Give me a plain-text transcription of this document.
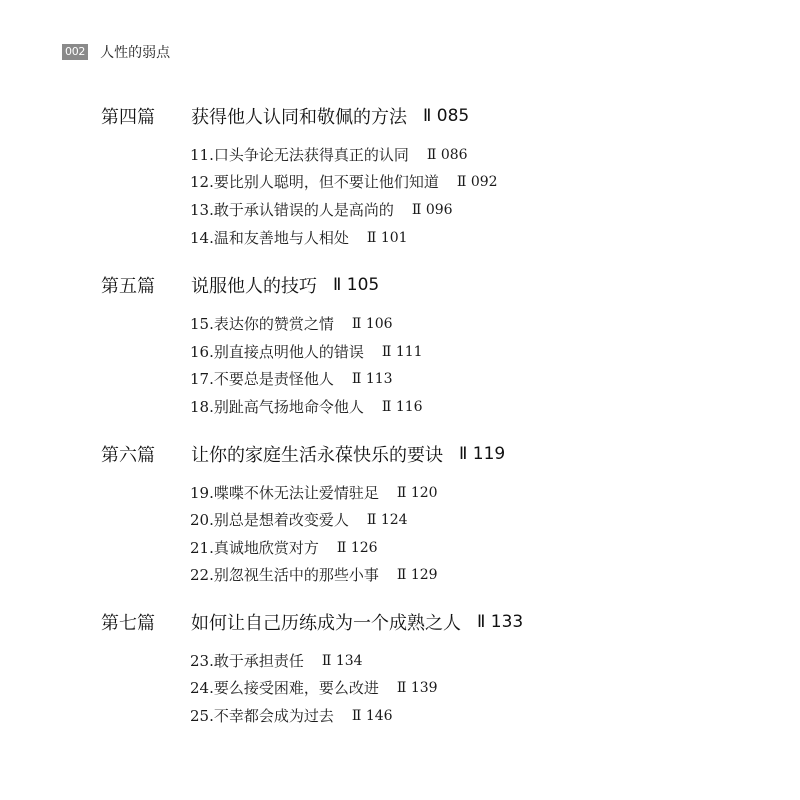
002 人性的弱点
第四篇	获得他人认同和敬佩的方法 Ⅱ 085
11.口头争论无法获得真正的认同 Ⅱ 086
12.要比别人聪明，但不要让他们知道 Ⅱ 092
13.敢于承认错误的人是高尚的 Ⅱ 096
14.温和友善地与人相处 Ⅱ 101
第五篇	说服他人的技巧 Ⅱ 105
15.表达你的赞赏之情 Ⅱ 106
16.别直接点明他人的错误 Ⅱ 111
17.不要总是责怪他人 Ⅱ 113
18.别趾高气扬地命令他人 Ⅱ 116
第六篇	让你的家庭生活永葆快乐的要诀 Ⅱ 119
19.喋喋不休无法让爱情驻足 Ⅱ 120
20.别总是想着改变爱人 Ⅱ 124
21.真诚地欣赏对方 Ⅱ 126
22.别忽视生活中的那些小事 Ⅱ 129
第七篇	如何让自己历练成为一个成熟之人 Ⅱ 133
23.敢于承担责任 Ⅱ 134
24.要么接受困难，要么改进 Ⅱ 139
25.不幸都会成为过去 Ⅱ 146
